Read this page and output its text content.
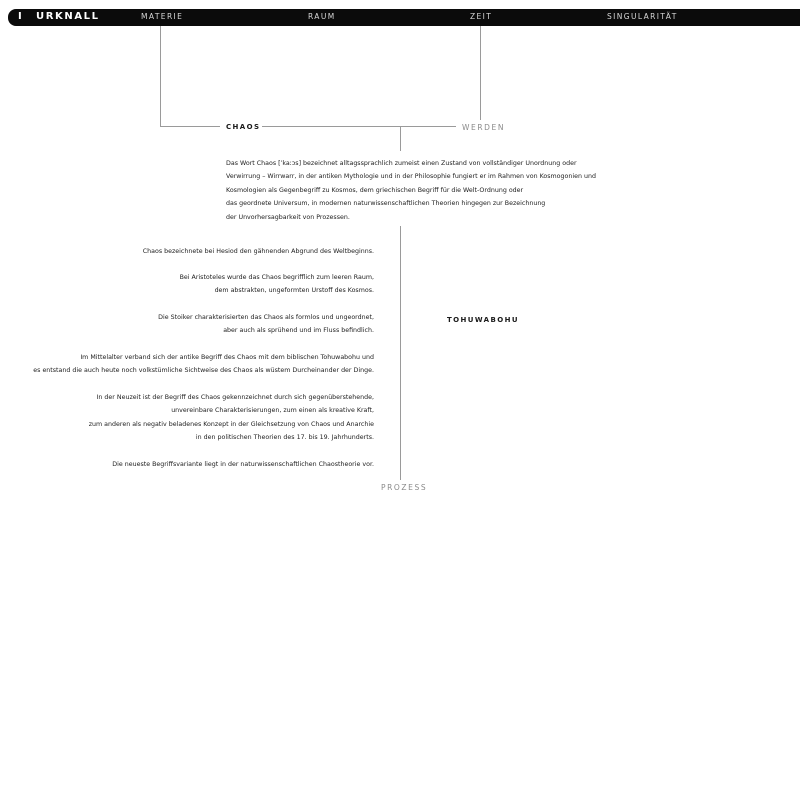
I URKNALL	MATERIE	RAUM	ZEIT	SINGULARITÄT
CHAOS	WERDEN
TOHUWABOHU
PROZESS
Das Wort Chaos [ˈkaːɔs] bezeichnet alltagssprachlich zumeist einen Zustand von vollständiger Unordnung oder
Verwirrung – Wirrwarr, in der antiken Mythologie und in der Philosophie fungiert er im Rahmen von Kosmogonien und
Kosmologien als Gegenbegriff zu Kosmos, dem griechischen Begriff für die Welt-Ordnung oder
das geordnete Universum, in modernen naturwissenschaftlichen Theorien hingegen zur Bezeichnung
der Unvorhersagbarkeit von Prozessen.
Chaos bezeichnete bei Hesiod den gähnenden Abgrund des Weltbeginns.
Bei Aristoteles wurde das Chaos begrifflich zum leeren Raum,
dem abstrakten, ungeformten Urstoff des Kosmos.
Die Stoiker charakterisierten das Chaos als formlos und ungeordnet,
aber auch als sprühend und im Fluss befindlich.
Im Mittelalter verband sich der antike Begriff des Chaos mit dem biblischen Tohuwabohu und
es entstand die auch heute noch volkstümliche Sichtweise des Chaos als wüstem Durcheinander der Dinge.
In der Neuzeit ist der Begriff des Chaos gekennzeichnet durch sich gegenüberstehende,
unvereinbare Charakterisierungen, zum einen als kreative Kraft,
zum anderen als negativ beladenes Konzept in der Gleichsetzung von Chaos und Anarchie
in den politischen Theorien des 17. bis 19. Jahrhunderts.
Die neueste Begriffsvariante liegt in der naturwissenschaftlichen Chaostheorie vor.
